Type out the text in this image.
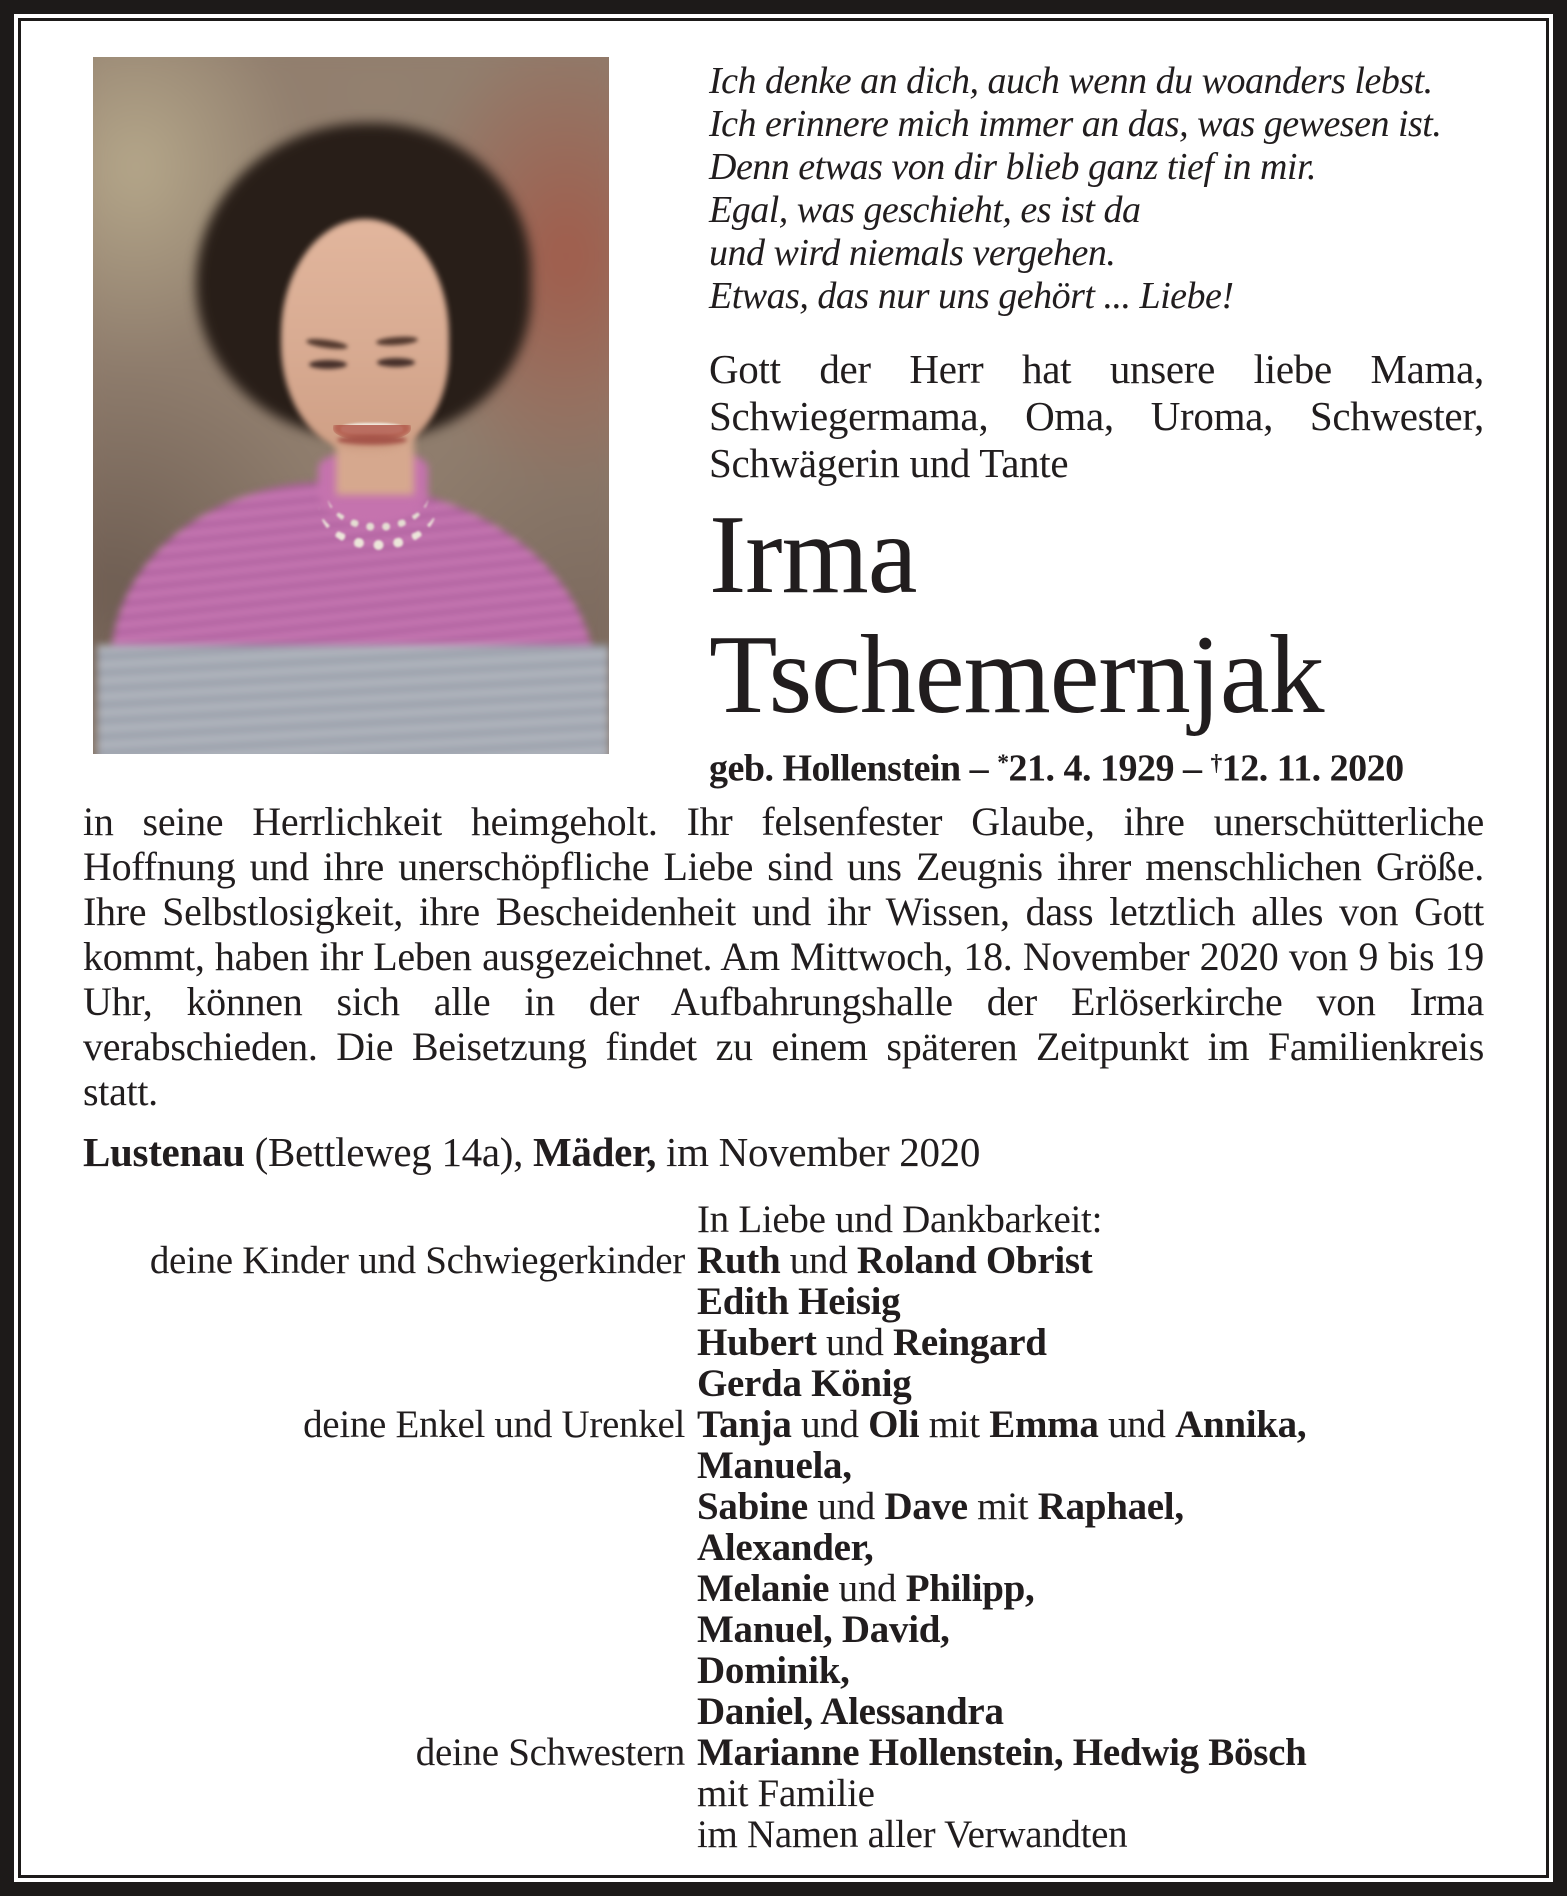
Ich denke an dich, auch wenn du woanders lebst.
Ich erinnere mich immer an das, was gewesen ist.
Denn etwas von dir blieb ganz tief in mir.
Egal, was geschieht, es ist da
und wird niemals vergehen.
Etwas, das nur uns gehört ... Liebe!
Gott der Herr hat unsere liebe Mama, Schwiegermama, Oma, Uroma, Schwester, Schwägerin und Tante
Irma
Tschemernjak
geb. Hollenstein – *21. 4. 1929 – †12. 11. 2020
in seine Herrlichkeit heimgeholt. Ihr felsenfester Glaube, ihre unerschütterliche Hoffnung und ihre unerschöpfliche Liebe sind uns Zeugnis ihrer menschlichen Größe. Ihre Selbstlosigkeit, ihre Bescheidenheit und ihr Wissen, dass letztlich alles von Gott kommt, haben ihr Leben ausgezeichnet. Am Mittwoch, 18. November 2020 von 9 bis 19 Uhr, können sich alle in der Aufbahrungshalle der Erlöserkirche von Irma verabschieden. Die Beisetzung findet zu einem späteren Zeitpunkt im Familienkreis statt.
Lustenau (Bettleweg 14a), Mäder, im November 2020
In Liebe und Dankbarkeit:
deine Kinder und Schwiegerkinder Ruth und Roland Obrist
Edith Heisig
Hubert und Reingard
Gerda König
deine Enkel und Urenkel Tanja und Oli mit Emma und Annika,
Manuela,
Sabine und Dave mit Raphael,
Alexander,
Melanie und Philipp,
Manuel, David,
Dominik,
Daniel, Alessandra
deine Schwestern Marianne Hollenstein, Hedwig Bösch
mit Familie
im Namen aller Verwandten
